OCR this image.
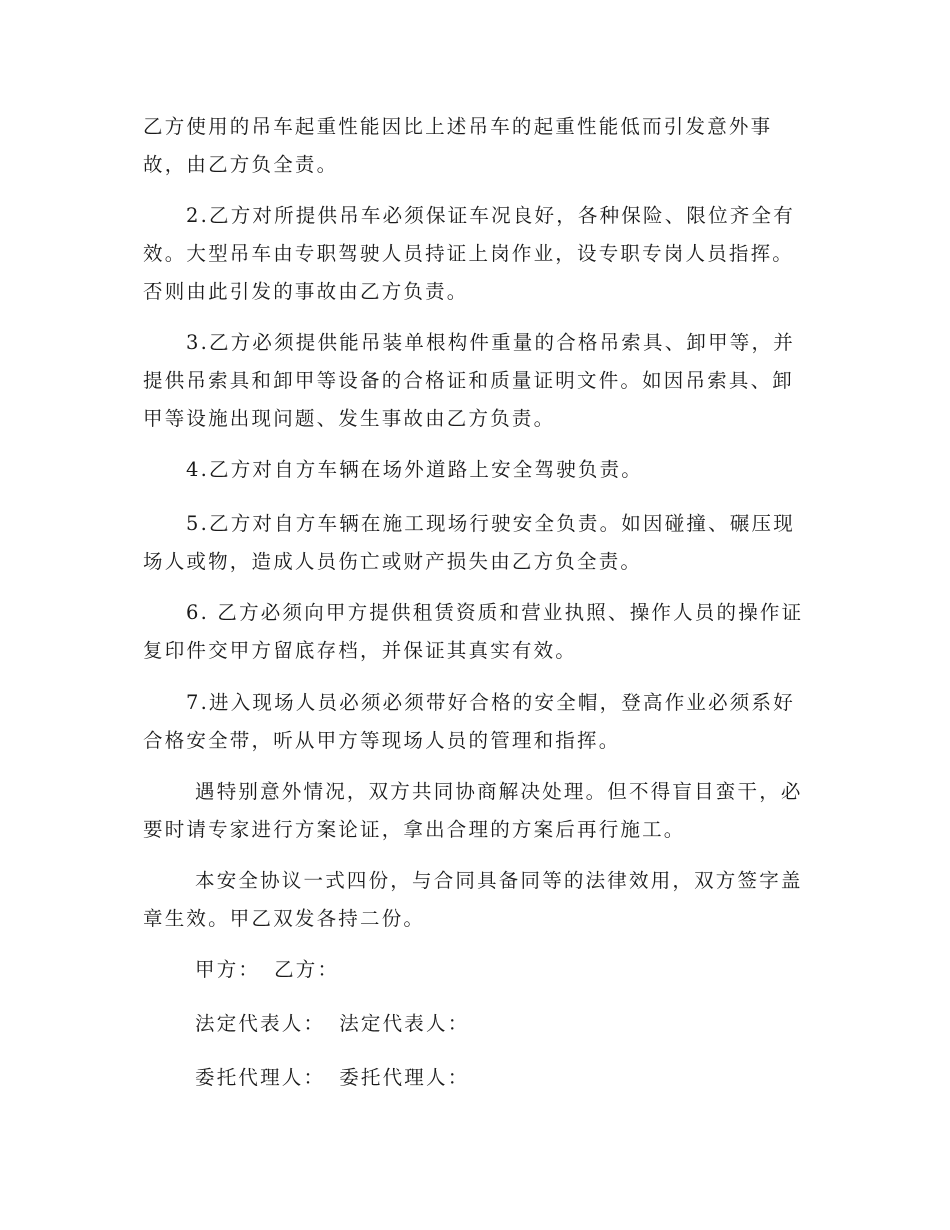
乙方使用的吊车起重性能因比上述吊车的起重性能低而引发意外事
故，由乙方负全责。

2.乙方对所提供吊车必须保证车况良好，各种保险、限位齐全有
效。大型吊车由专职驾驶人员持证上岗作业，设专职专岗人员指挥。
否则由此引发的事故由乙方负责。

3.乙方必须提供能吊装单根构件重量的合格吊索具、卸甲等，并
提供吊索具和卸甲等设备的合格证和质量证明文件。如因吊索具、卸
甲等设施出现问题、发生事故由乙方负责。

4.乙方对自方车辆在场外道路上安全驾驶负责。

5.乙方对自方车辆在施工现场行驶安全负责。如因碰撞、碾压现
场人或物，造成人员伤亡或财产损失由乙方负全责。

6. 乙方必须向甲方提供租赁资质和营业执照、操作人员的操作证
复印件交甲方留底存档，并保证其真实有效。

7.进入现场人员必须必须带好合格的安全帽，登高作业必须系好
合格安全带，听从甲方等现场人员的管理和指挥。

遇特别意外情况，双方共同协商解决处理。但不得盲目蛮干，必
要时请专家进行方案论证，拿出合理的方案后再行施工。

本安全协议一式四份，与合同具备同等的法律效用，双方签字盖
章生效。甲乙双发各持二份。

甲方： 乙方：
法定代表人： 法定代表人：
委托代理人： 委托代理人：
